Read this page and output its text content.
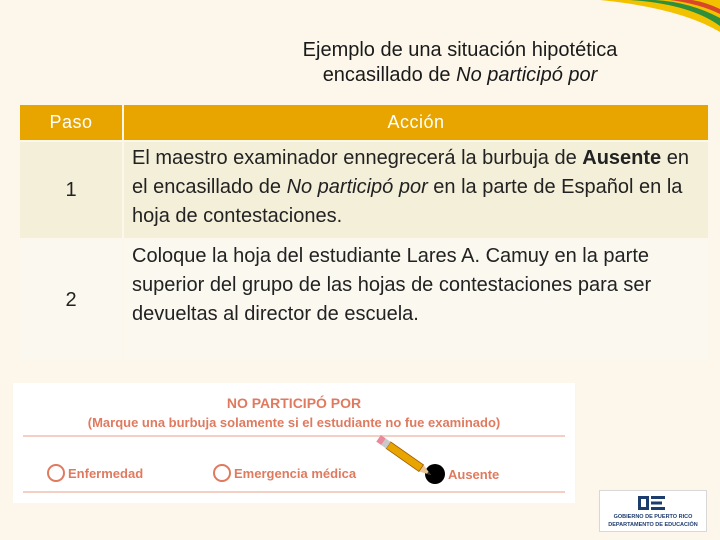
Ejemplo de una situación hipotética
encasillado de No participó por
Paso	Acción
1	El maestro examinador ennegrecerá la burbuja de Ausente en el encasillado de No participó por en la parte de Español en la hoja de contestaciones.
2	Coloque la hoja del estudiante Lares A. Camuy en la parte superior del grupo de las hojas de contestaciones para ser devueltas al director de escuela.
NO PARTICIPÓ POR
(Marque una burbuja solamente si el estudiante no fue examinado)
Enfermedad	Emergencia médica	Ausente
GOBIERNO DE PUERTO RICO
DEPARTAMENTO DE EDUCACIÓN
